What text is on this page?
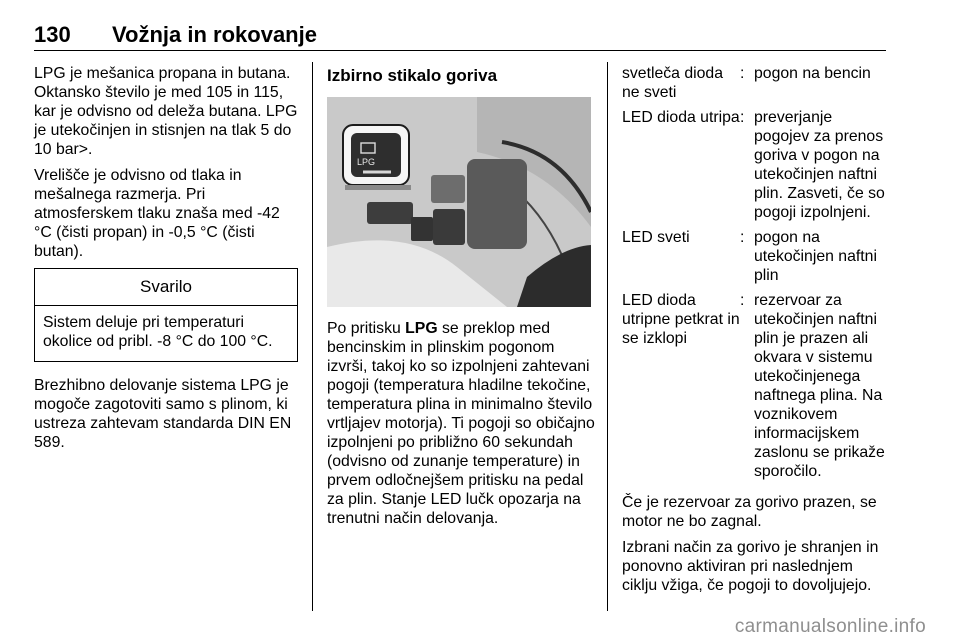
130 Vožnja in rokovanje

LPG je mešanica propana in butana. Oktansko število je med 105 in 115, kar je odvisno od deleža butana. LPG je utekočinjen in stisnjen na tlak 5 do 10 bar>.

Vrelišče je odvisno od tlaka in mešalnega razmerja. Pri atmosferskem tlaku znaša med -42 °C (čisti propan) in -0,5 °C (čisti butan).

Svarilo
Sistem deluje pri temperaturi okolice od pribl. -8 °C do 100 °C.

Brezhibno delovanje sistema LPG je mogoče zagotoviti samo s plinom, ki ustreza zahtevam standarda DIN EN 589.

Izbirno stikalo goriva
LPG

Po pritisku LPG se preklop med bencinskim in plinskim pogonom izvrši, takoj ko so izpolnjeni zahtevani pogoji (temperatura hladilne tekočine, temperatura plina in minimalno število vrtljajev motorja). Ti pogoji so običajno izpolnjeni po približno 60 sekundah (odvisno od zunanje temperature) in prvem odločnejšem pritisku na pedal za plin. Stanje LED lučk opozarja na trenutni način delovanja.

svetleča dioda ne sveti
: pogon na bencin
LED dioda utripa : preverjanje pogojev za prenos goriva v pogon na utekočinjen naftni plin. Zasveti, če so pogoji izpolnjeni.
LED sveti	: pogon na utekočinjen naftni plin
LED dioda utripne petkrat in se izklopi
: rezervoar za utekočinjen naftni plin je prazen ali okvara v sistemu utekočinjenega naftnega plina. Na voznikovem informacijskem zaslonu se prikaže sporočilo.

Če je rezervoar za gorivo prazen, se motor ne bo zagnal.

Izbrani način za gorivo je shranjen in ponovno aktiviran pri naslednjem ciklju vžiga, če pogoji to dovoljujejo.

carmanualsonline.info
